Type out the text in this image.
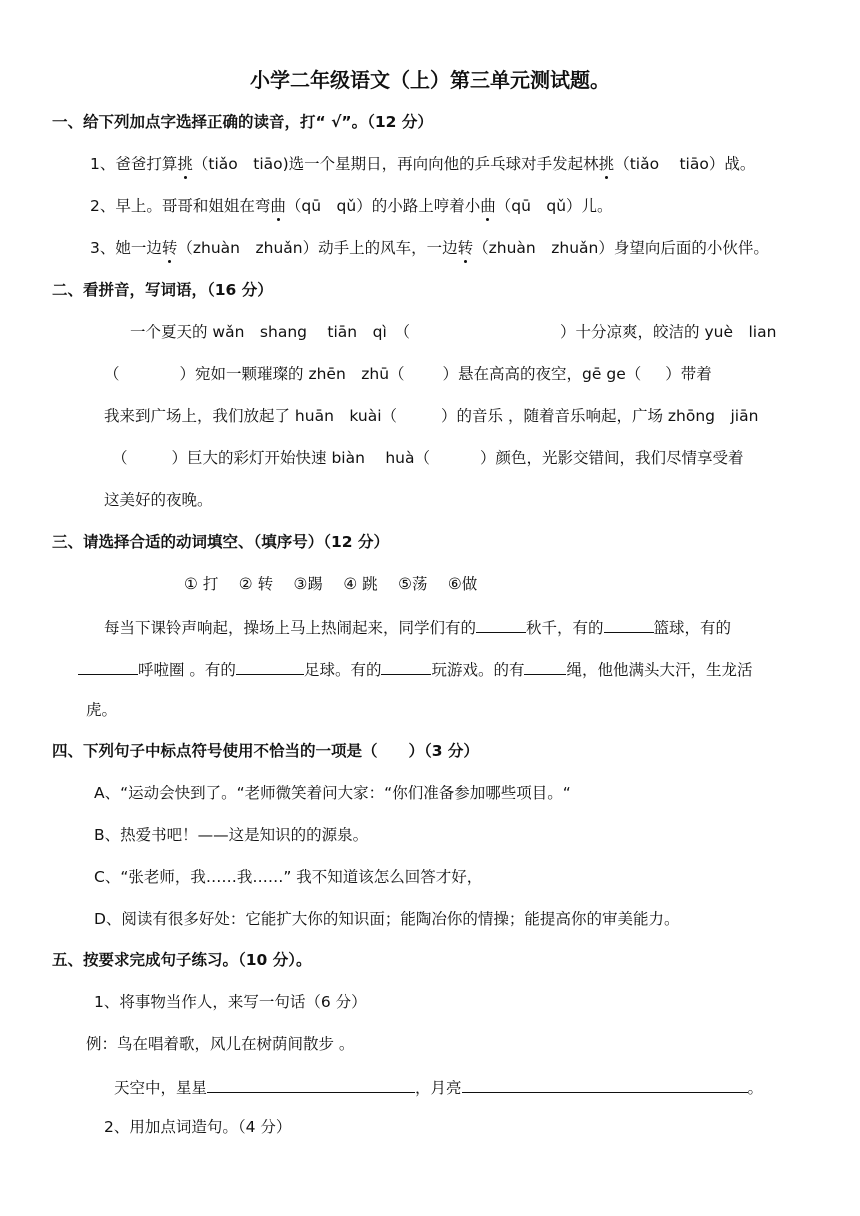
小学二年级语文（上）第三单元测试题。
一、给下列加点字选择正确的读音，打“ √”。（12 分）
1、爸爸打算挑（tiǎo　tiāo)选一个星期日，再向向他的乒乓球对手发起林挑（tiǎo　 tiāo）战。
2、早上。哥哥和姐姐在弯曲（qū　qǔ）的小路上哼着小曲（qū　qǔ）儿。
3、她一边转（zhuàn　zhuǎn）动手上的风车，一边转（zhuàn　zhuǎn）身望向后面的小伙伴。
二、看拼音，写词语，（16 分）
一个夏天的 wǎn　shang　 tiān　qì　（	）十分凉爽，皎洁的 yuè　lian
（	）宛如一颗璀璨的 zhēn　zhū（ ）悬在高高的夜空，gē ge（ ）带着
我来到广场上，我们放起了 huān　kuài（	）的音乐 ，随着音乐响起，广场 zhōng　jiān
（	）巨大的彩灯开始快速 biàn　 huà（	）颜色，光影交错间，我们尽情享受着
这美好的夜晚。
三、请选择合适的动词填空、（填序号）（12 分）
① 打　 ② 转　 ③踢　 ④ 跳　 ⑤荡　 ⑥做
每当下课铃声响起，操场上马上热闹起来，同学们有的	秋千，有的	篮球，有的
呼啦圈 。有的	足球。有的	玩游戏。的有	绳，他他满头大汗，生龙活
虎。
四、下列句子中标点符号使用不恰当的一项是（　　）（3 分）
A、“运动会快到了。“老师微笑着问大家：“你们准备参加哪些项目。“
B、热爱书吧！——这是知识的的源泉。
C、“张老师，我……我……” 我不知道该怎么回答才好，
D、阅读有很多好处：它能扩大你的知识面；能陶冶你的情操；能提高你的审美能力。
五、按要求完成句子练习。（10 分）。
1、将事物当作人，来写一句话（6 分）
例：鸟在唱着歌，风儿在树荫间散步 。
天空中，星星	，月亮	。
2、用加点词造句。（4 分）
